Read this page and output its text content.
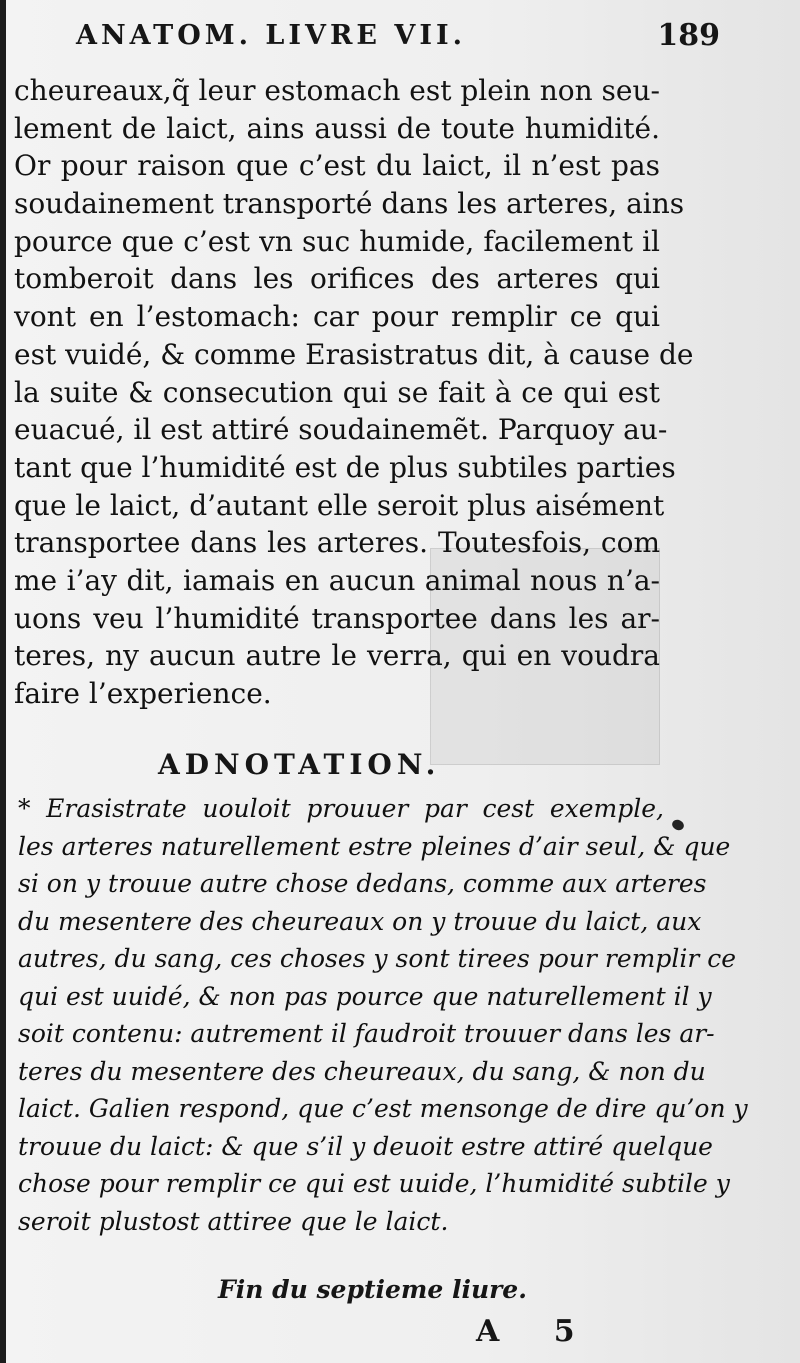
ANATOM. LIVRE VII.	189
cheureaux,q̃ leur estomach est plein non seu-
lement de laict, ains aussi de toute humidité.
Or pour raison que c’est du laict, il n’est pas
soudainement transporté dans les arteres, ains
pource que c’est vn suc humide, facilement il
tomberoit dans les orifices des arteres qui
vont en l’estomach: car pour remplir ce qui
est vuidé, & comme Erasistratus dit, à cause de
la suite & consecution qui se fait à ce qui est
euacué, il est attiré soudainemẽt. Parquoy au-
tant que l’humidité est de plus subtiles parties
que le laict, d’autant elle seroit plus aisément
transportee dans les arteres. Toutesfois, com
me i’ay dit, iamais en aucun animal nous n’a-
uons veu l’humidité transportee dans les ar-
teres, ny aucun autre le verra, qui en voudra
faire l’experience.
ADNOTATION.
* Erasistrate uouloit prouuer par cest exemple,
les arteres naturellement estre pleines d’air seul, & que
si on y trouue autre chose dedans, comme aux arteres
du mesentere des cheureaux on y trouue du laict, aux
autres, du sang, ces choses y sont tirees pour remplir ce
qui est uuidé, & non pas pource que naturellement il y
soit contenu: autrement il faudroit trouuer dans les ar-
teres du mesentere des cheureaux, du sang, & non du
laict. Galien respond, que c’est mensonge de dire qu’on y
trouue du laict: & que s’il y deuoit estre attiré quelque
chose pour remplir ce qui est uuide, l’humidité subtile y
seroit plustost attiree que le laict.
Fin du septieme liure.
A 5
